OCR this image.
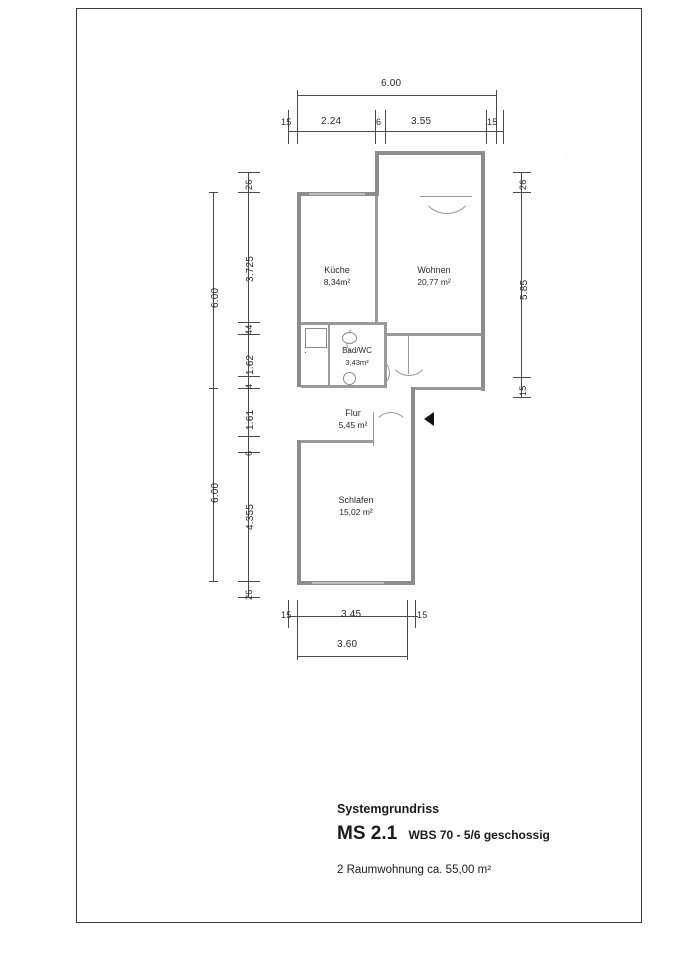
6.00
15	2.24	6	3.55	15
6.00
6.00
26
3.725
44
1.62
4
1.61
6
4.355
26
26
5.85
15
15	3.45	15
3.60
Küche
8,34m²
Wohnen
20,77 m²
Bad/WC
3,43m²
Flur
5,45 m²
Schlafen
15,02 m²
·
Systemgrundriss
MS 2.1 WBS 70 - 5/6 geschossig
2 Raumwohnung ca. 55,00 m²
